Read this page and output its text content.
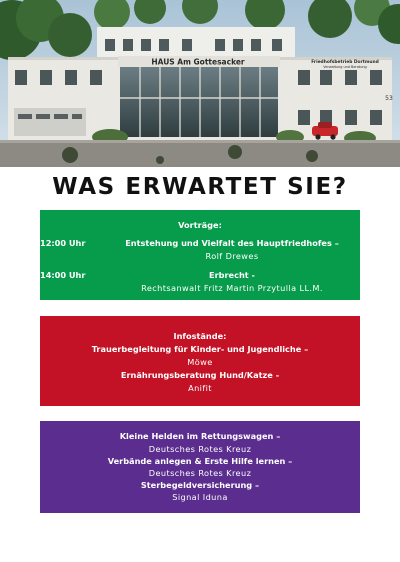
HAUS Am Gottesacker	Friedhofsbetrieb Dortmund
Verwaltung und Beratung
53
WAS ERWARTET SIE?
Vorträge:
12:00 Uhr	Entstehung und Vielfalt des Hauptfriedhofes –
Rolf Drewes
14:00 Uhr	Erbrecht -
Rechtsanwalt Fritz Martin Przytulla LL.M.
Infostände:
Trauerbegleitung für Kinder- und Jugendliche –
Möwe
Ernährungsberatung Hund/Katze -
Anifit
Kleine Helden im Rettungswagen –
Deutsches Rotes Kreuz
Verbände anlegen & Erste Hilfe lernen –
Deutsches Rotes Kreuz
Sterbegeldversicherung –
Signal Iduna
